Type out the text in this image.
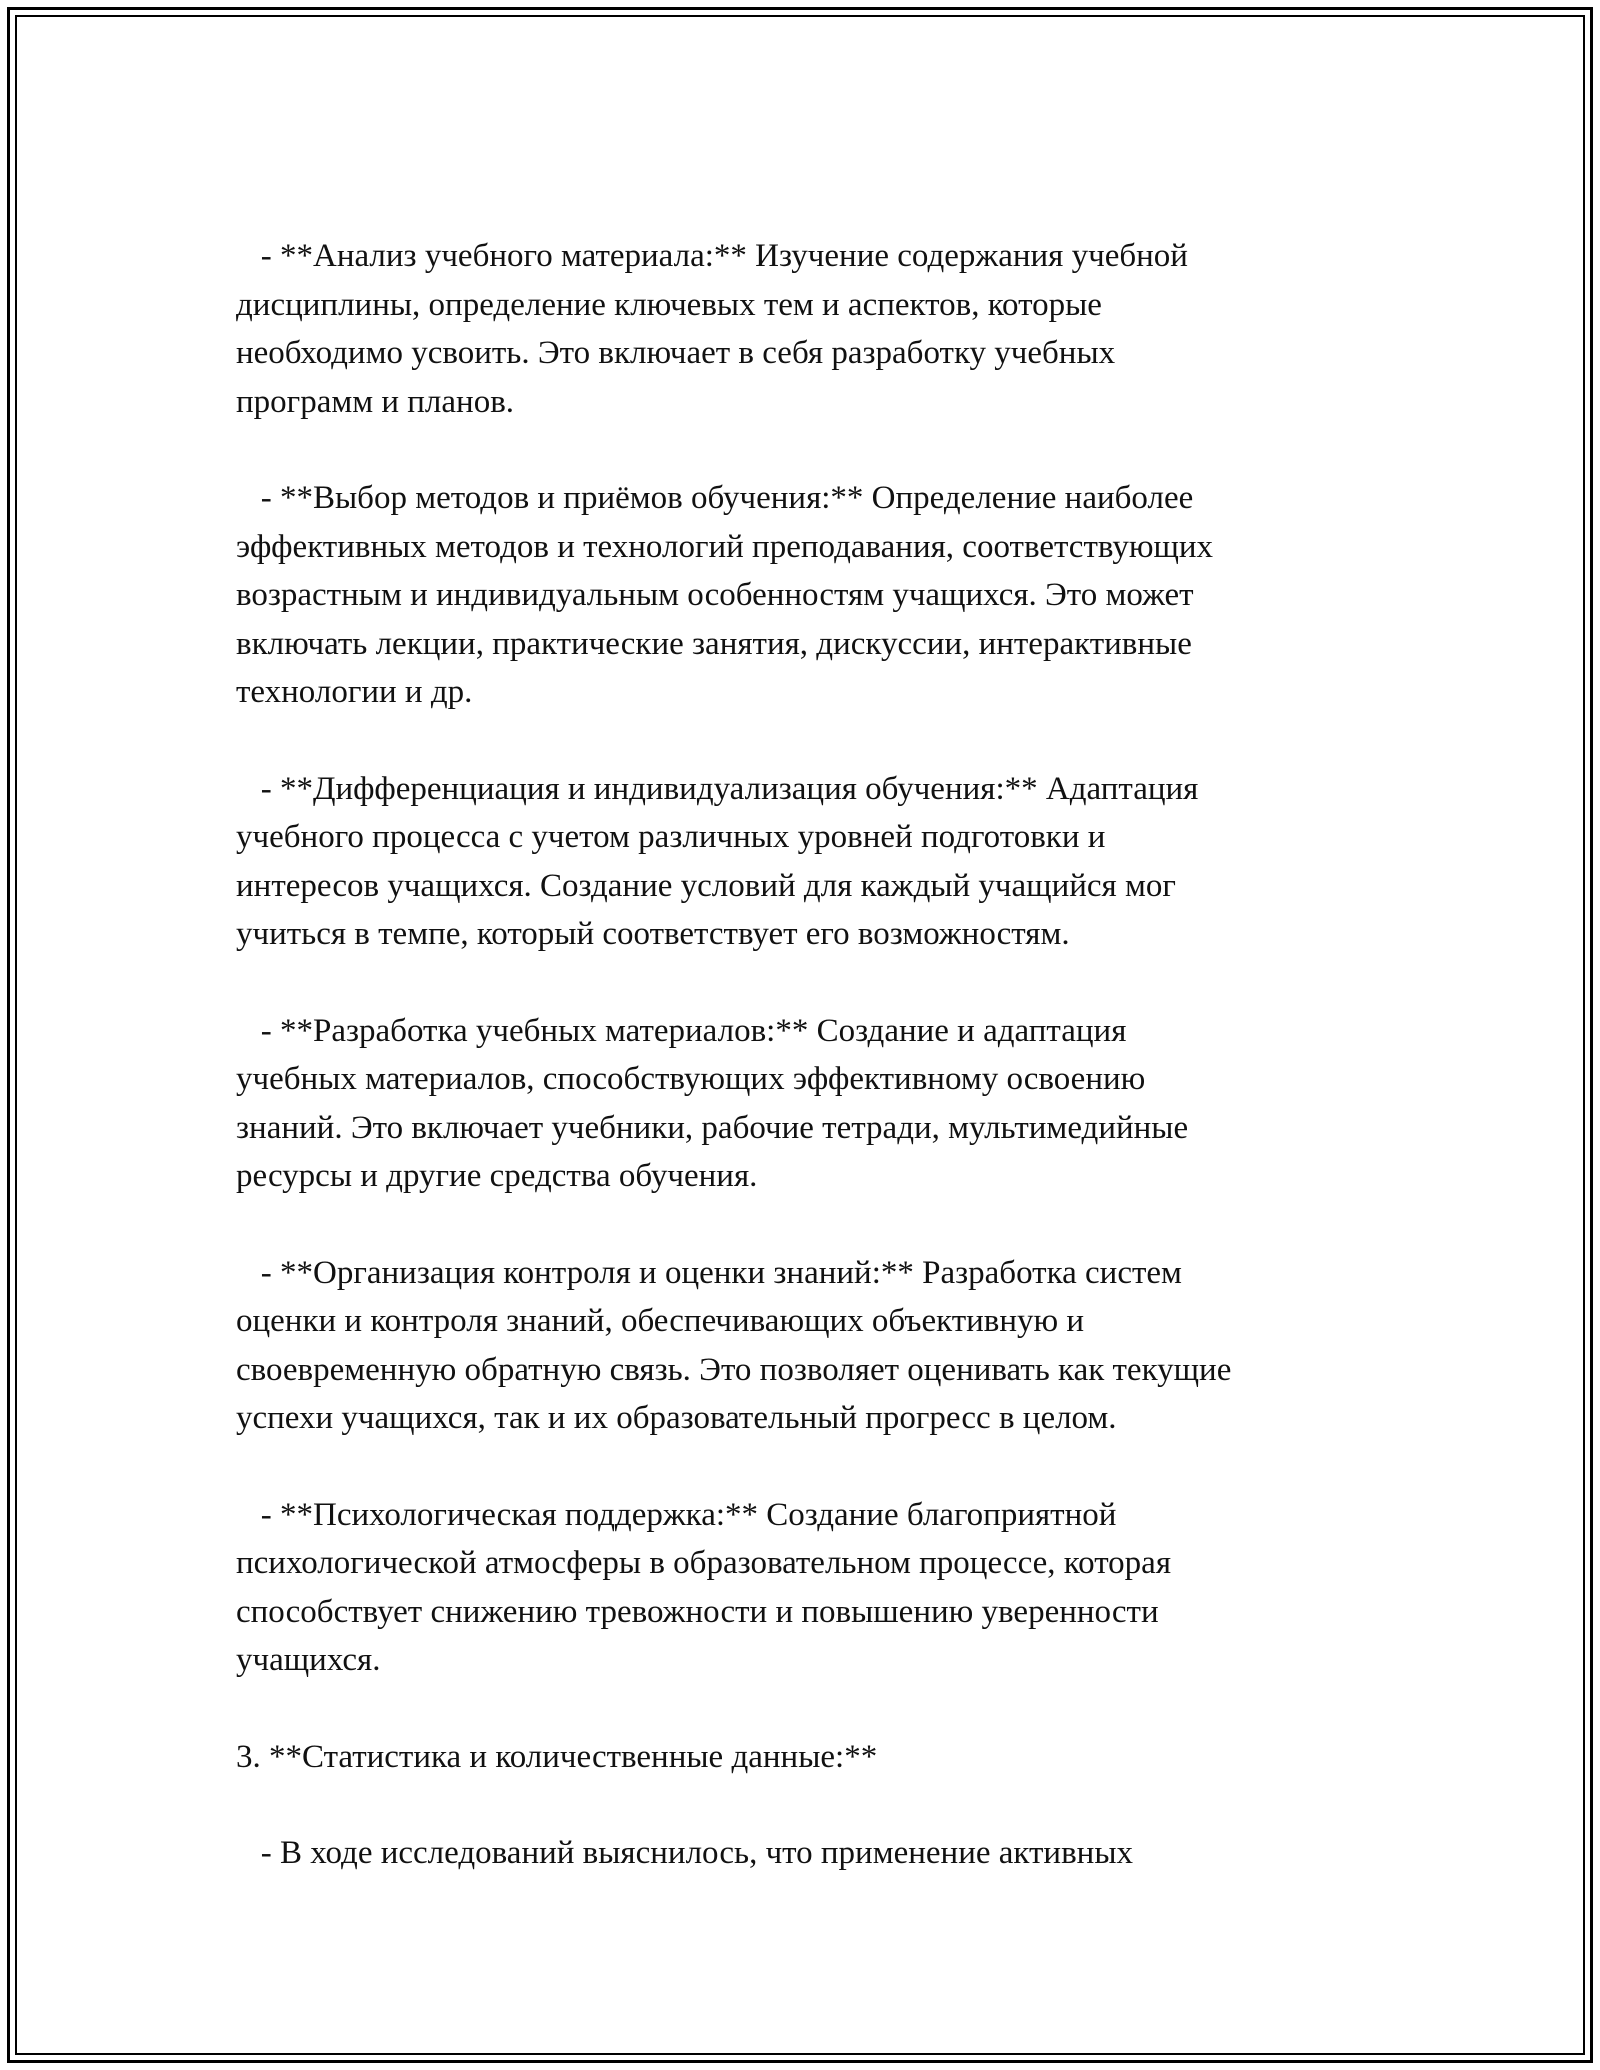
- **Анализ учебного материала:** Изучение содержания учебной
дисциплины, определение ключевых тем и аспектов, которые
необходимо усвоить. Это включает в себя разработку учебных
программ и планов.
- **Выбор методов и приёмов обучения:** Определение наиболее
эффективных методов и технологий преподавания, соответствующих
возрастным и индивидуальным особенностям учащихся. Это может
включать лекции, практические занятия, дискуссии, интерактивные
технологии и др.
- **Дифференциация и индивидуализация обучения:** Адаптация
учебного процесса с учетом различных уровней подготовки и
интересов учащихся. Создание условий для каждый учащийся мог
учиться в темпе, который соответствует его возможностям.
- **Разработка учебных материалов:** Создание и адаптация
учебных материалов, способствующих эффективному освоению
знаний. Это включает учебники, рабочие тетради, мультимедийные
ресурсы и другие средства обучения.
- **Организация контроля и оценки знаний:** Разработка систем
оценки и контроля знаний, обеспечивающих объективную и
своевременную обратную связь. Это позволяет оценивать как текущие
успехи учащихся, так и их образовательный прогресс в целом.
- **Психологическая поддержка:** Создание благоприятной
психологической атмосферы в образовательном процессе, которая
способствует снижению тревожности и повышению уверенности
учащихся.
3. **Статистика и количественные данные:**
- В ходе исследований выяснилось, что применение активных
